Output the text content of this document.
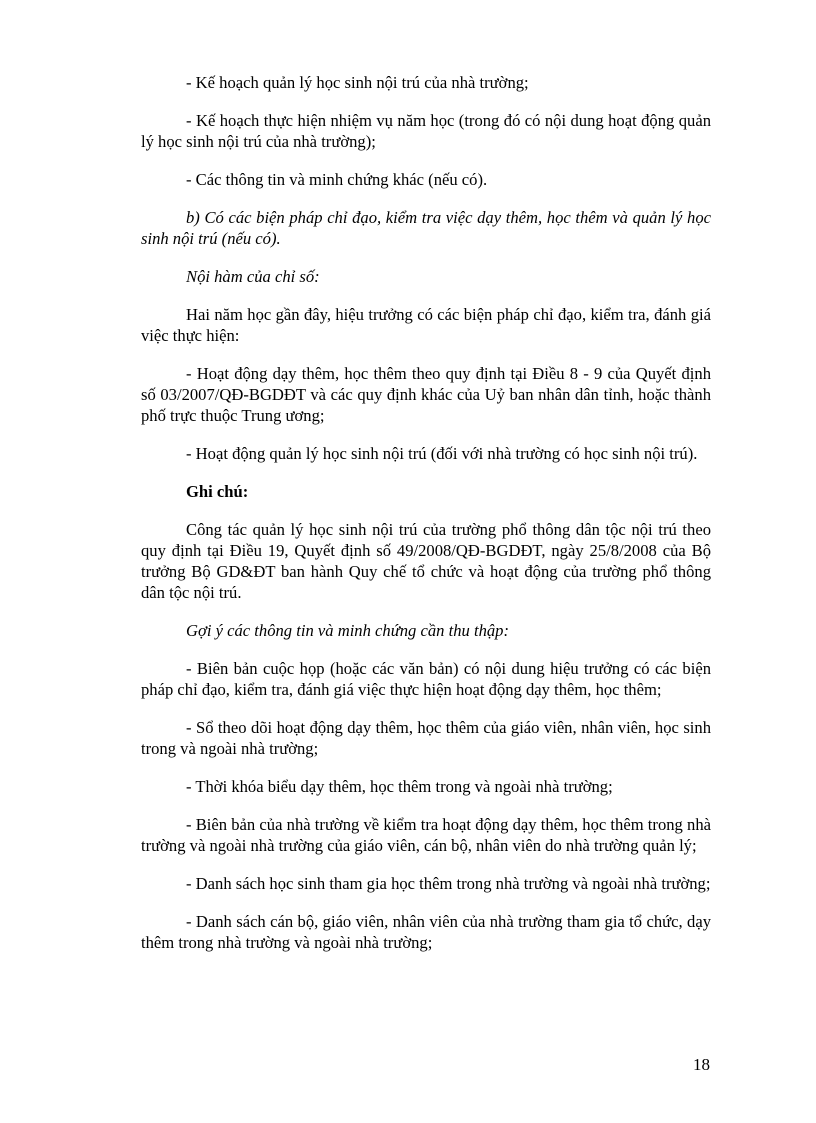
- Kế hoạch quản lý học sinh nội trú của nhà trường;

- Kế hoạch thực hiện nhiệm vụ năm học (trong đó có nội dung hoạt động quản lý học sinh nội trú của nhà trường);

- Các thông tin và minh chứng khác (nếu có).

b) Có các biện pháp chỉ đạo, kiểm tra việc dạy thêm, học thêm và quản lý học sinh nội trú (nếu có).

Nội hàm của chỉ số:

Hai năm học gần đây, hiệu trưởng có các biện pháp chỉ đạo, kiểm tra, đánh giá việc thực hiện:

- Hoạt động dạy thêm, học thêm theo quy định tại Điều 8 - 9 của Quyết định số 03/2007/QĐ-BGDĐT và các quy định khác của Uỷ ban nhân dân tỉnh, hoặc thành phố trực thuộc Trung ương;

- Hoạt động quản lý học sinh nội trú (đối với nhà trường có học sinh nội trú).

Ghi chú:

Công tác quản lý học sinh nội trú của trường phổ thông dân tộc nội trú theo quy định tại Điều 19, Quyết định số 49/2008/QĐ-BGDĐT, ngày 25/8/2008 của Bộ trưởng Bộ GD&ĐT ban hành Quy chế tổ chức và hoạt động của trường phổ thông dân tộc nội trú.

Gợi ý các thông tin và minh chứng cần thu thập:

- Biên bản cuộc họp (hoặc các văn bản) có nội dung hiệu trưởng có các biện pháp chỉ đạo, kiểm tra, đánh giá việc thực hiện hoạt động dạy thêm, học thêm;

- Sổ theo dõi hoạt động dạy thêm, học thêm của giáo viên, nhân viên, học sinh trong và ngoài nhà trường;

- Thời khóa biểu dạy thêm, học thêm trong và ngoài nhà trường;

- Biên bản của nhà trường về kiểm tra hoạt động dạy thêm, học thêm trong nhà trường và ngoài nhà trường của giáo viên, cán bộ, nhân viên do nhà trường quản lý;

- Danh sách học sinh tham gia học thêm trong nhà trường và ngoài nhà trường;

- Danh sách cán bộ, giáo viên, nhân viên của nhà trường tham gia tổ chức, dạy thêm trong nhà trường và ngoài nhà trường;

18
